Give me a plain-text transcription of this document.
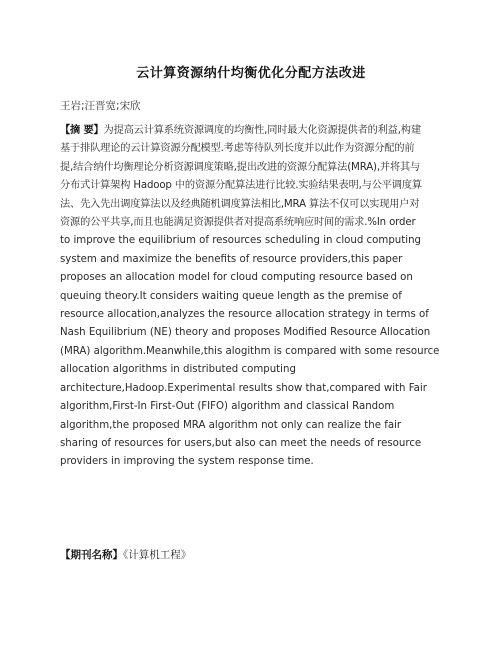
云计算资源纳什均衡优化分配方法改进
王岩;汪晋宽;宋欣

【摘 要】为提高云计算系统资源调度的均衡性,同时最大化资源提供者的利益,构建
基于排队理论的云计算资源分配模型.考虑等待队列长度并以此作为资源分配的前
提,结合纳什均衡理论分析资源调度策略,提出改进的资源分配算法(MRA),并将其与
分布式计算架构 Hadoop 中的资源分配算法进行比较.实验结果表明,与公平调度算
法、先入先出调度算法以及经典随机调度算法相比,MRA 算法不仅可以实现用户对
资源的公平共享,而且也能满足资源提供者对提高系统响应时间的需求.%In order
to improve the equilibrium of resources scheduling in cloud computing
system and maximize the benefits of resource providers,this paper
proposes an allocation model for cloud computing resource based on
queuing theory.It considers waiting queue length as the premise of
resource allocation,analyzes the resource allocation strategy in terms of
Nash Equilibrium (NE) theory and proposes Modified Resource Allocation
(MRA) algorithm.Meanwhile,this alogithm is compared with some resource
allocation algorithms in distributed computing
architecture,Hadoop.Experimental results show that,compared with Fair
algorithm,First-In First-Out (FIFO) algorithm and classical Random
algorithm,the proposed MRA algorithm not only can realize the fair
sharing of resources for users,but also can meet the needs of resource
providers in improving the system response time.

【期刊名称】《计算机工程》
